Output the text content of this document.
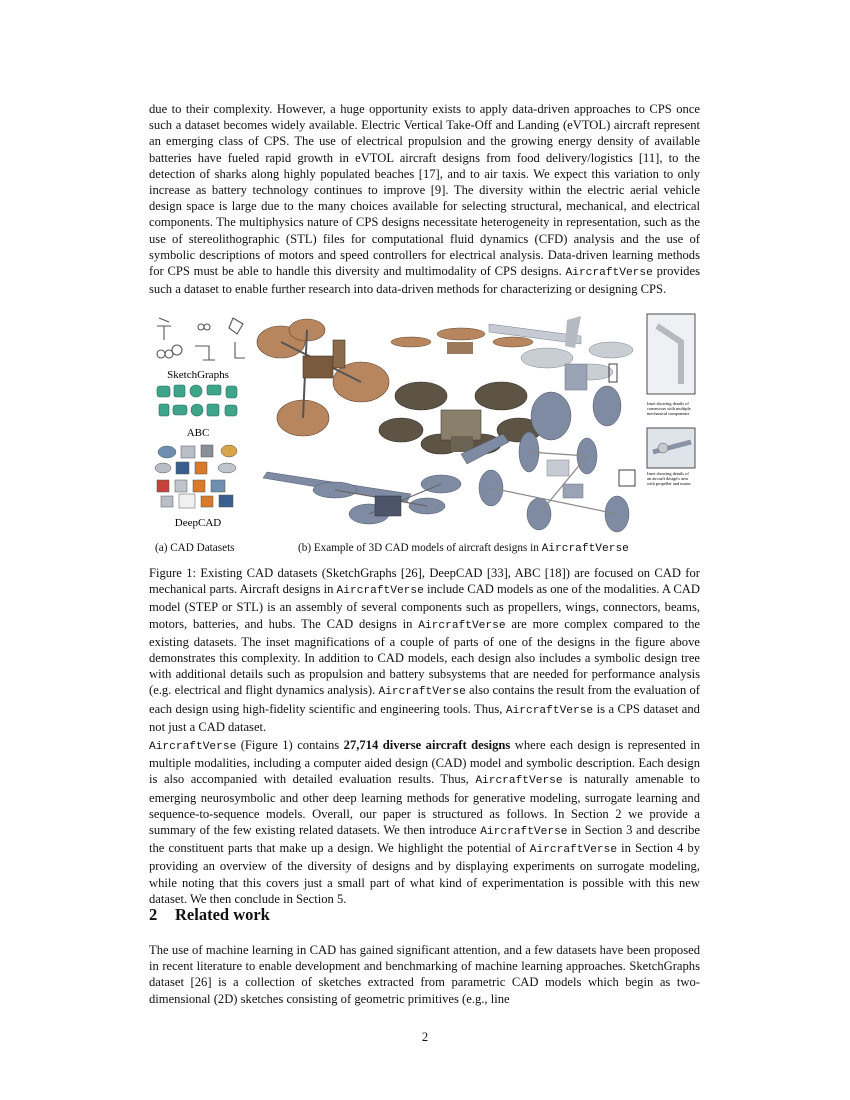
due to their complexity. However, a huge opportunity exists to apply data-driven approaches to CPS once such a dataset becomes widely available. Electric Vertical Take-Off and Landing (eVTOL) aircraft represent an emerging class of CPS. The use of electrical propulsion and the growing energy density of available batteries have fueled rapid growth in eVTOL aircraft designs from food delivery/logistics [11], to the detection of sharks along highly populated beaches [17], and to air taxis. We expect this variation to only increase as battery technology continues to improve [9]. The diversity within the electric aerial vehicle design space is large due to the many choices available for selecting structural, mechanical, and electrical components. The multiphysics nature of CPS designs necessitate heterogeneity in representation, such as the use of stereolithographic (STL) files for computational fluid dynamics (CFD) analysis and the use of symbolic descriptions of motors and speed controllers for electrical analysis. Data-driven learning methods for CPS must be able to handle this diversity and multimodality of CPS designs. AircraftVerse provides such a dataset to enable further research into data-driven methods for characterizing or designing CPS.
SketchGraphs
ABC
DeepCAD
Inset showing details of
connectors with multiple
mechanical components
Inset showing details of
an aircraft design's arm
with propeller and motor.
(a) CAD Datasets	(b) Example of 3D CAD models of aircraft designs in AircraftVerse
Figure 1: Existing CAD datasets (SketchGraphs [26], DeepCAD [33], ABC [18]) are focused on CAD for mechanical parts. Aircraft designs in AircraftVerse include CAD models as one of the modalities. A CAD model (STEP or STL) is an assembly of several components such as propellers, wings, connectors, beams, motors, batteries, and hubs. The CAD designs in AircraftVerse are more complex compared to the existing datasets. The inset magnifications of a couple of parts of one of the designs in the figure above demonstrates this complexity. In addition to CAD models, each design also includes a symbolic design tree with additional details such as propulsion and battery subsystems that are needed for performance analysis (e.g. electrical and flight dynamics analysis). AircraftVerse also contains the result from the evaluation of each design using high-fidelity scientific and engineering tools. Thus, AircraftVerse is a CPS dataset and not just a CAD dataset.
AircraftVerse (Figure 1) contains 27,714 diverse aircraft designs where each design is represented in multiple modalities, including a computer aided design (CAD) model and symbolic description. Each design is also accompanied with detailed evaluation results. Thus, AircraftVerse is naturally amenable to emerging neurosymbolic and other deep learning methods for generative modeling, surrogate learning and sequence-to-sequence models. Overall, our paper is structured as follows. In Section 2 we provide a summary of the few existing related datasets. We then introduce AircraftVerse in Section 3 and describe the constituent parts that make up a design. We highlight the potential of AircraftVerse in Section 4 by providing an overview of the diversity of designs and by displaying experiments on surrogate modeling, while noting that this covers just a small part of what kind of experimentation is possible with this new dataset. We then conclude in Section 5.
2 Related work
The use of machine learning in CAD has gained significant attention, and a few datasets have been proposed in recent literature to enable development and benchmarking of machine learning approaches. SketchGraphs dataset [26] is a collection of sketches extracted from parametric CAD models which begin as two-dimensional (2D) sketches consisting of geometric primitives (e.g., line
2
